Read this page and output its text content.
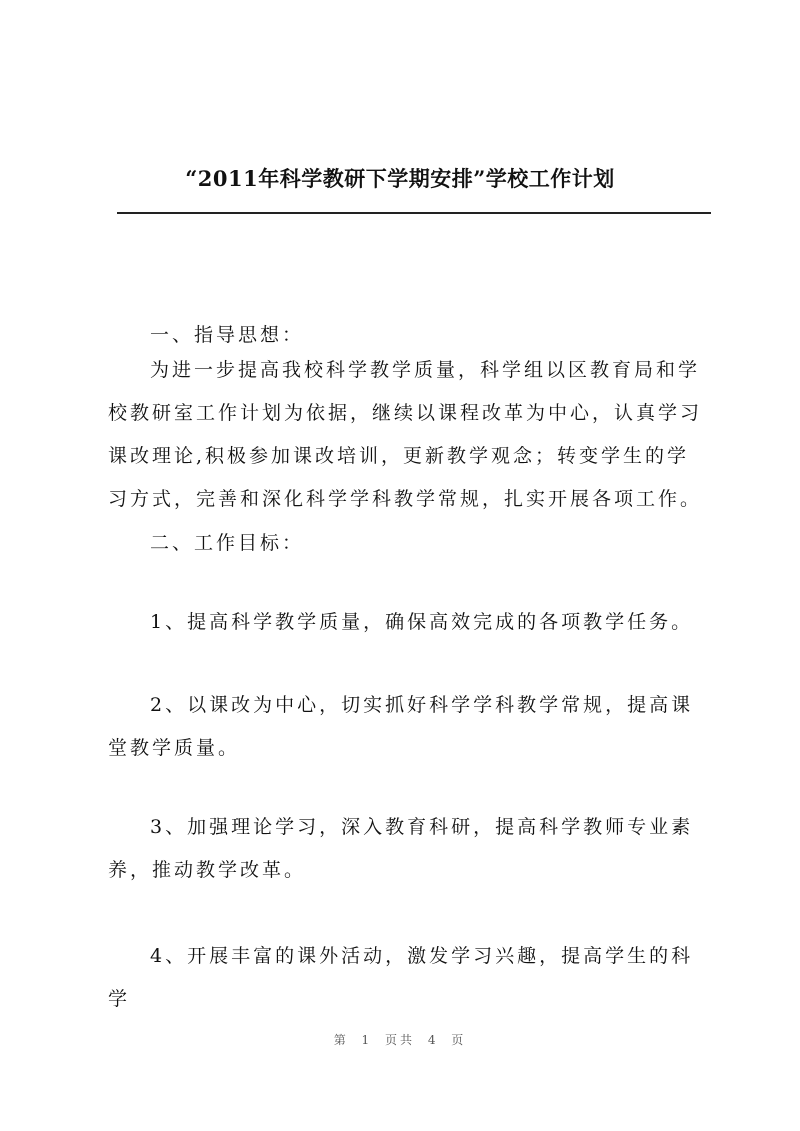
“2011年科学教研下学期安排”学校工作计划

一、指导思想：

为进一步提高我校科学教学质量，科学组以区教育局和学校教研室工作计划为依据，继续以课程改革为中心，认真学习课改理论,积极参加课改培训，更新教学观念；转变学生的学习方式，完善和深化科学学科教学常规，扎实开展各项工作。

二、工作目标：

1、提高科学教学质量，确保高效完成的各项教学任务。

2、以课改为中心，切实抓好科学学科教学常规，提高课堂教学质量。

3、加强理论学习，深入教育科研，提高科学教师专业素养，推动教学改革。

4、开展丰富的课外活动，激发学习兴趣，提高学生的科学

第 1 页共 4 页
